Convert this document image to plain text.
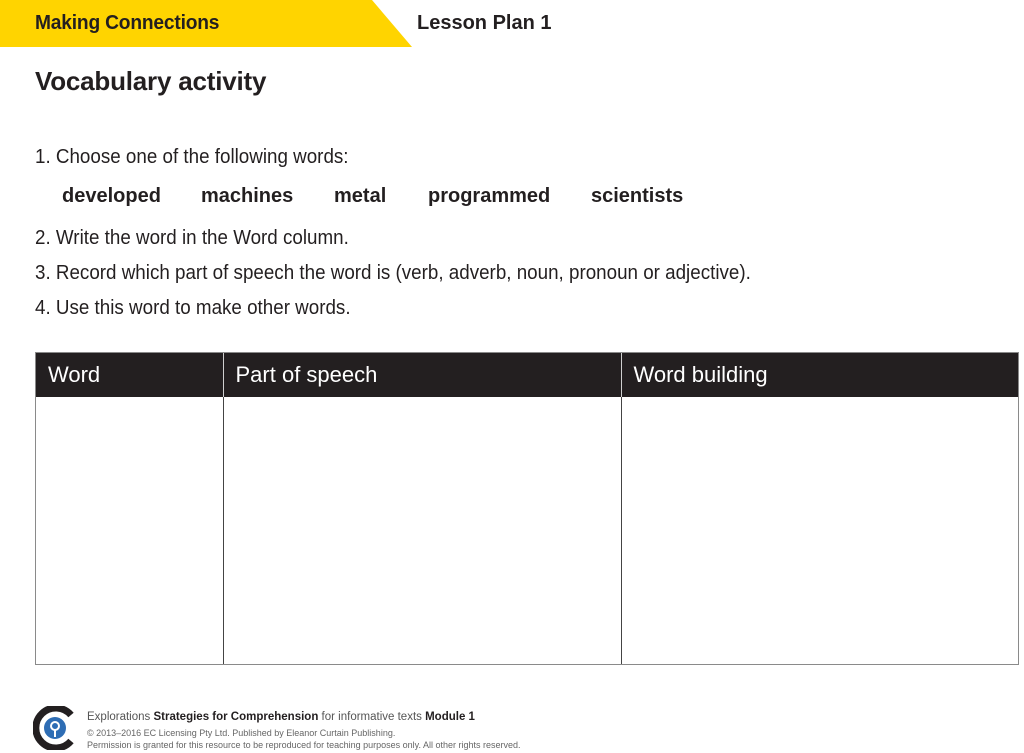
Making Connections	Lesson Plan 1
Vocabulary activity
1. Choose one of the following words:
developed	machines	metal	programmed	scientists
2. Write the word in the Word column.
3. Record which part of speech the word is (verb, adverb, noun, pronoun or adjective).
4. Use this word to make other words.
Word	Part of speech	Word building

Explorations Strategies for Comprehension for informative texts Module 1
© 2013–2016 EC Licensing Pty Ltd. Published by Eleanor Curtain Publishing.
Permission is granted for this resource to be reproduced for teaching purposes only. All other rights reserved.
